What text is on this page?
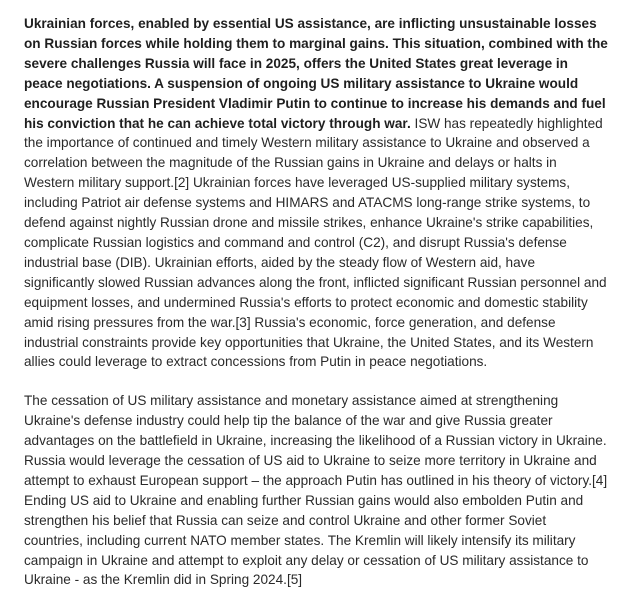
Ukrainian forces, enabled by essential US assistance, are inflicting unsustainable losses on Russian forces while holding them to marginal gains. This situation, combined with the severe challenges Russia will face in 2025, offers the United States great leverage in peace negotiations. A suspension of ongoing US military assistance to Ukraine would encourage Russian President Vladimir Putin to continue to increase his demands and fuel his conviction that he can achieve total victory through war. ISW has repeatedly highlighted the importance of continued and timely Western military assistance to Ukraine and observed a correlation between the magnitude of the Russian gains in Ukraine and delays or halts in Western military support.[2] Ukrainian forces have leveraged US-supplied military systems, including Patriot air defense systems and HIMARS and ATACMS long-range strike systems, to defend against nightly Russian drone and missile strikes, enhance Ukraine's strike capabilities, complicate Russian logistics and command and control (C2), and disrupt Russia's defense industrial base (DIB). Ukrainian efforts, aided by the steady flow of Western aid, have significantly slowed Russian advances along the front, inflicted significant Russian personnel and equipment losses, and undermined Russia's efforts to protect economic and domestic stability amid rising pressures from the war.[3] Russia's economic, force generation, and defense industrial constraints provide key opportunities that Ukraine, the United States, and its Western allies could leverage to extract concessions from Putin in peace negotiations.

The cessation of US military assistance and monetary assistance aimed at strengthening Ukraine's defense industry could help tip the balance of the war and give Russia greater advantages on the battlefield in Ukraine, increasing the likelihood of a Russian victory in Ukraine. Russia would leverage the cessation of US aid to Ukraine to seize more territory in Ukraine and attempt to exhaust European support – the approach Putin has outlined in his theory of victory.[4] Ending US aid to Ukraine and enabling further Russian gains would also embolden Putin and strengthen his belief that Russia can seize and control Ukraine and other former Soviet countries, including current NATO member states. The Kremlin will likely intensify its military campaign in Ukraine and attempt to exploit any delay or cessation of US military assistance to Ukraine - as the Kremlin did in Spring 2024.[5]
